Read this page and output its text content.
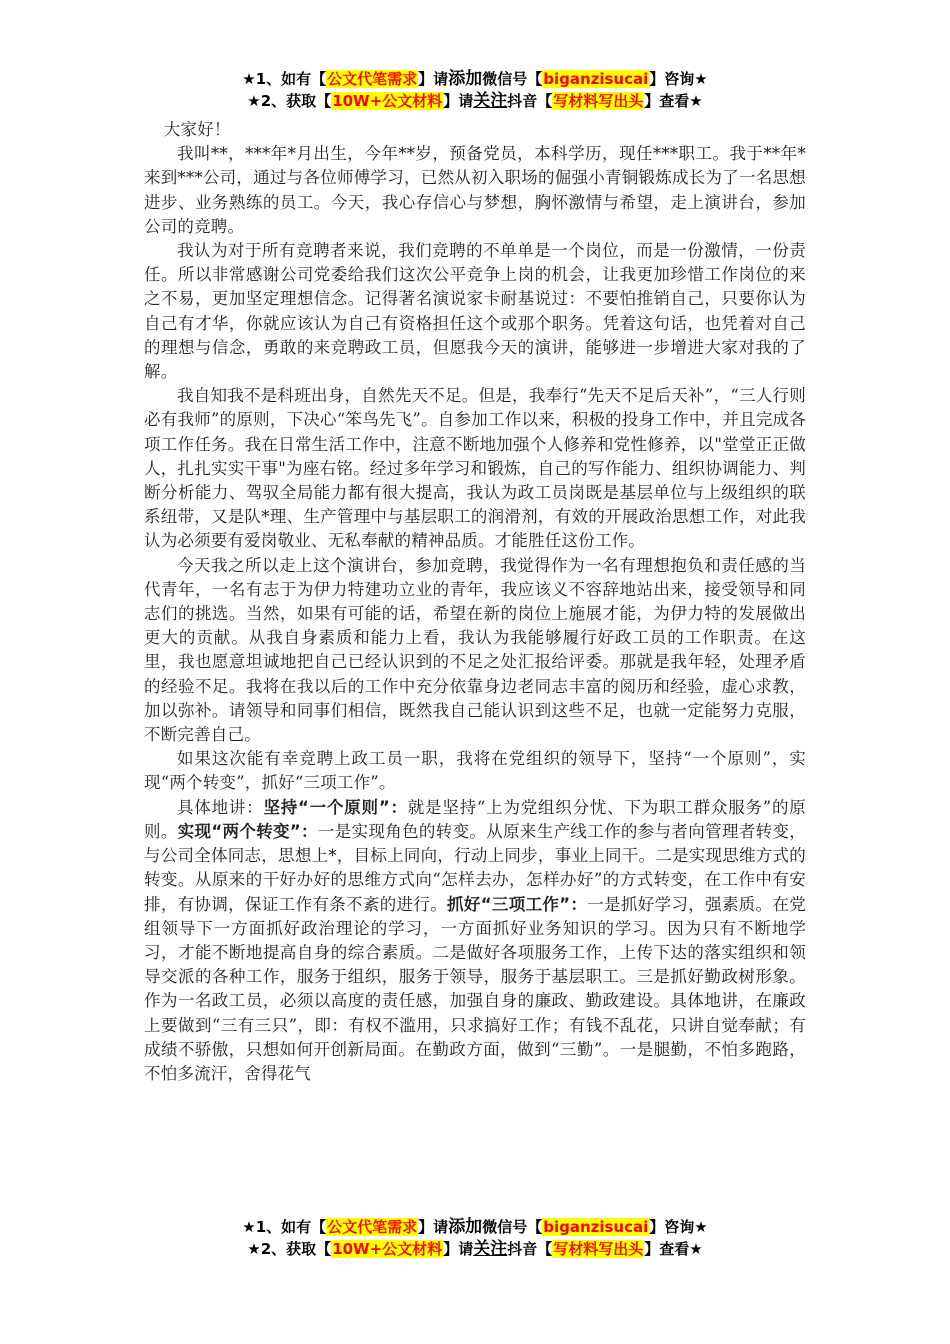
★1、如有【公文代笔需求】请添加微信号【biganzisucai】咨询★
★2、获取【10W+公文材料】请关注抖音【写材料写出头】查看★

大家好！

我叫**，***年*月出生，今年**岁，预备党员，本科学历，现任***职工。我于**年*来到***公司，通过与各位师傅学习，已然从初入职场的倔强小青铜锻炼成长为了一名思想进步、业务熟练的员工。今天，我心存信心与梦想，胸怀激情与希望，走上演讲台，参加公司的竞聘。

我认为对于所有竞聘者来说，我们竞聘的不单单是一个岗位，而是一份激情，一份责任。所以非常感谢公司党委给我们这次公平竞争上岗的机会，让我更加珍惜工作岗位的来之不易，更加坚定理想信念。记得著名演说家卡耐基说过：不要怕推销自己，只要你认为自己有才华，你就应该认为自己有资格担任这个或那个职务。凭着这句话，也凭着对自己的理想与信念，勇敢的来竞聘政工员，但愿我今天的演讲，能够进一步增进大家对我的了解。

我自知我不是科班出身，自然先天不足。但是，我奉行“先天不足后天补”，“三人行则必有我师”的原则，下决心“笨鸟先飞”。自参加工作以来，积极的投身工作中，并且完成各项工作任务。我在日常生活工作中，注意不断地加强个人修养和党性修养，以"堂堂正正做人，扎扎实实干事"为座右铭。经过多年学习和锻炼，自己的写作能力、组织协调能力、判断分析能力、驾驭全局能力都有很大提高，我认为政工员岗既是基层单位与上级组织的联系纽带，又是队*理、生产管理中与基层职工的润滑剂，有效的开展政治思想工作，对此我认为必须要有爱岗敬业、无私奉献的精神品质。才能胜任这份工作。

今天我之所以走上这个演讲台，参加竞聘，我觉得作为一名有理想抱负和责任感的当代青年，一名有志于为伊力特建功立业的青年，我应该义不容辞地站出来，接受领导和同志们的挑选。当然，如果有可能的话，希望在新的岗位上施展才能，为伊力特的发展做出更大的贡献。从我自身素质和能力上看，我认为我能够履行好政工员的工作职责。在这里，我也愿意坦诚地把自己已经认识到的不足之处汇报给评委。那就是我年轻，处理矛盾的经验不足。我将在我以后的工作中充分依靠身边老同志丰富的阅历和经验，虚心求教，加以弥补。请领导和同事们相信，既然我自己能认识到这些不足，也就一定能努力克服，不断完善自己。

如果这次能有幸竞聘上政工员一职，我将在党组织的领导下，坚持“一个原则”，实现“两个转变”，抓好“三项工作”。

具体地讲：坚持“一个原则”：就是坚持“上为党组织分忧、下为职工群众服务”的原则。实现“两个转变”：一是实现角色的转变。从原来生产线工作的参与者向管理者转变，与公司全体同志，思想上*，目标上同向，行动上同步，事业上同干。二是实现思维方式的转变。从原来的干好办好的思维方式向“怎样去办，怎样办好”的方式转变，在工作中有安排，有协调，保证工作有条不紊的进行。抓好“三项工作”：一是抓好学习，强素质。在党组领导下一方面抓好政治理论的学习，一方面抓好业务知识的学习。因为只有不断地学习，才能不断地提高自身的综合素质。二是做好各项服务工作，上传下达的落实组织和领导交派的各种工作，服务于组织，服务于领导，服务于基层职工。三是抓好勤政树形象。作为一名政工员，必须以高度的责任感，加强自身的廉政、勤政建设。具体地讲，在廉政上要做到“三有三只”，即：有权不滥用，只求搞好工作；有钱不乱花，只讲自觉奉献；有成绩不骄傲，只想如何开创新局面。在勤政方面，做到“三勤”。一是腿勤，不怕多跑路，不怕多流汗，舍得花气

★1、如有【公文代笔需求】请添加微信号【biganzisucai】咨询★
★2、获取【10W+公文材料】请关注抖音【写材料写出头】查看★
